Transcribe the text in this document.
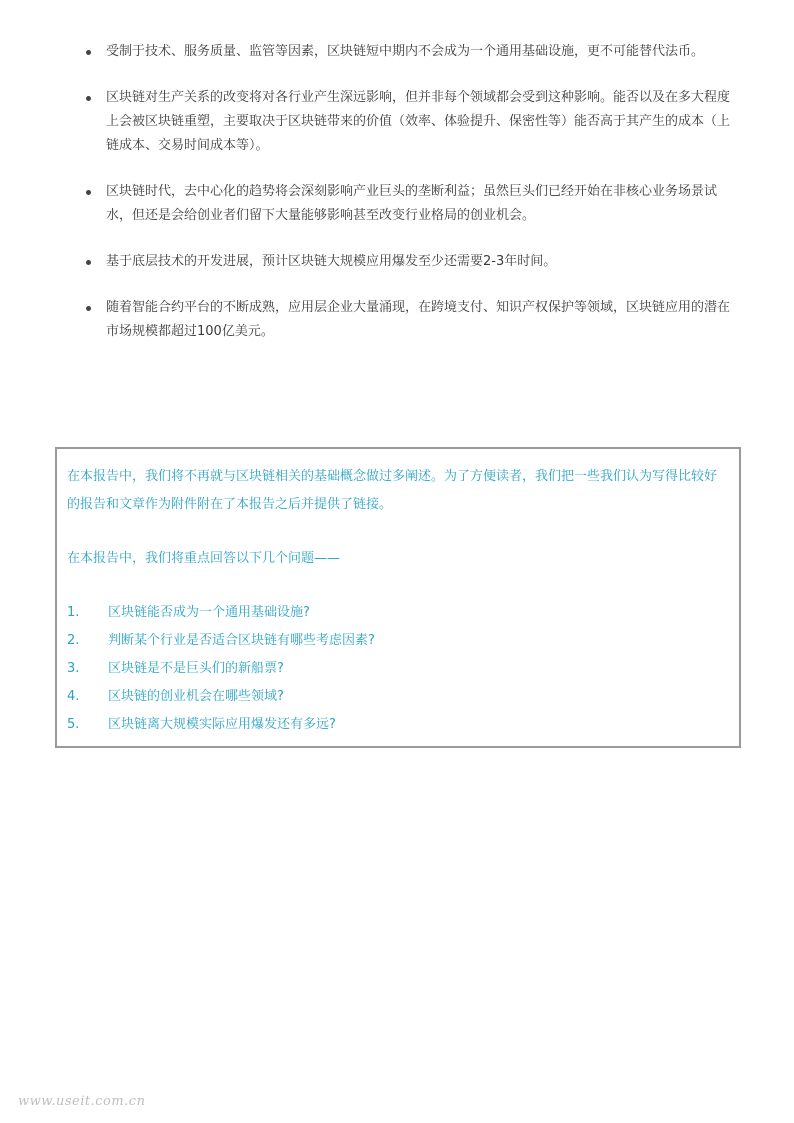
受制于技术、服务质量、监管等因素，区块链短中期内不会成为一个通用基础设施，更不可能替代法币。
区块链对生产关系的改变将对各行业产生深远影响，但并非每个领域都会受到这种影响。能否以及在多大程度上会被区块链重塑，主要取决于区块链带来的价值（效率、体验提升、保密性等）能否高于其产生的成本（上链成本、交易时间成本等）。
区块链时代，去中心化的趋势将会深刻影响产业巨头的垄断利益；虽然巨头们已经开始在非核心业务场景试水，但还是会给创业者们留下大量能够影响甚至改变行业格局的创业机会。
基于底层技术的开发进展，预计区块链大规模应用爆发至少还需要2-3年时间。
随着智能合约平台的不断成熟，应用层企业大量涌现，在跨境支付、知识产权保护等领域，区块链应用的潜在市场规模都超过100亿美元。

在本报告中，我们将不再就与区块链相关的基础概念做过多阐述。为了方便读者，我们把一些我们认为写得比较好的报告和文章作为附件附在了本报告之后并提供了链接。

在本报告中，我们将重点回答以下几个问题——

1.	区块链能否成为一个通用基础设施?
2.	判断某个行业是否适合区块链有哪些考虑因素?
3.	区块链是不是巨头们的新船票?
4.	区块链的创业机会在哪些领域?
5.	区块链离大规模实际应用爆发还有多远?
www.useit.com.cn
